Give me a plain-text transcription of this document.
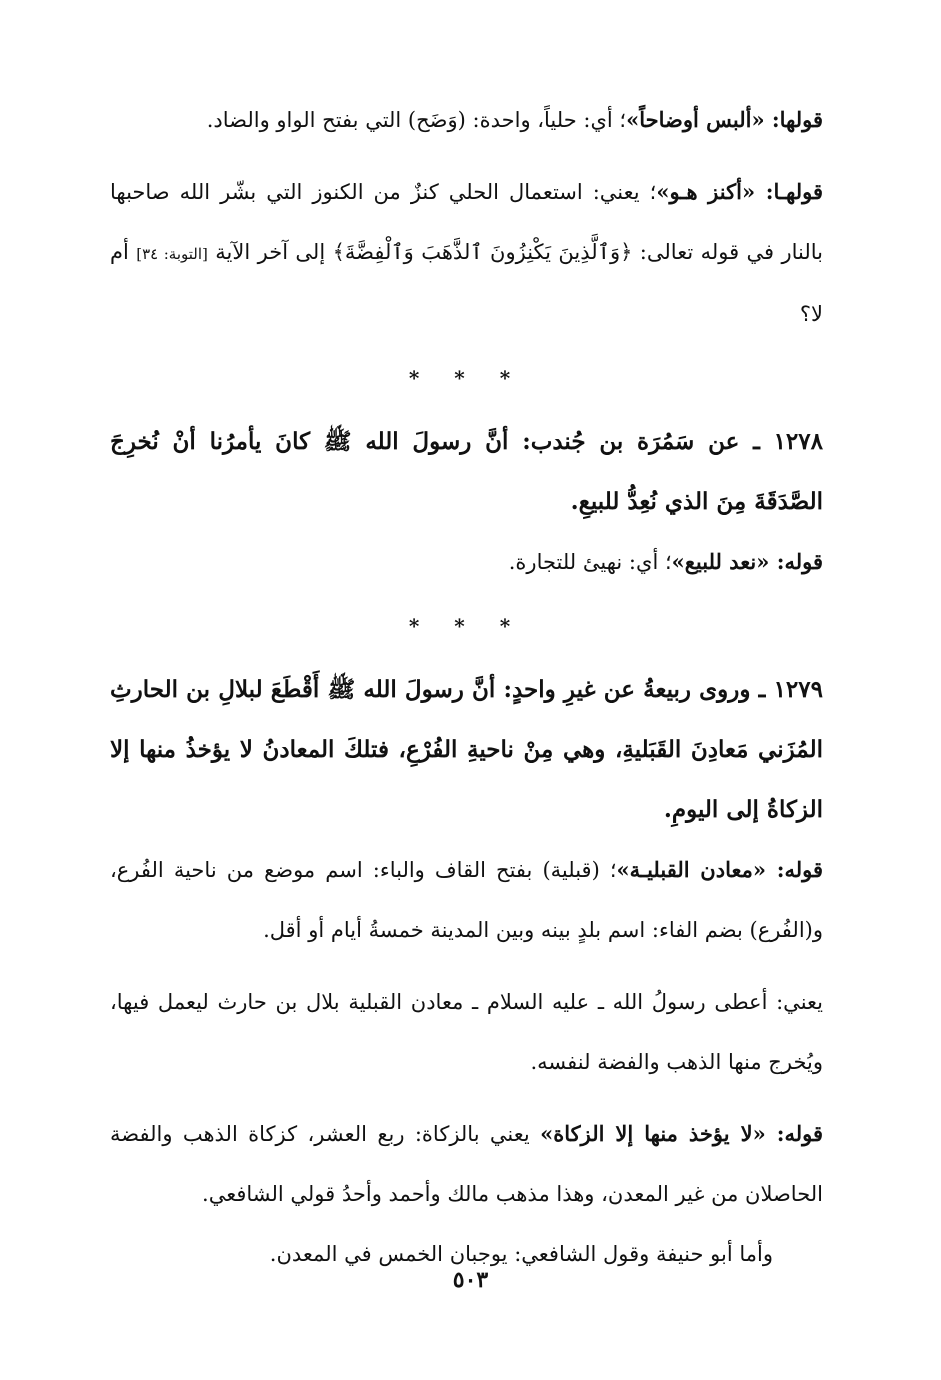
قولها: «ألبس أوضاحاً»؛ أي: حلياً، واحدة: (وَضَح) التي بفتح الواو والضاد.

قولهـا: «أكنز هـو»؛ يعني: استعمال الحلي كنزٌ من الكنوز التي بشّر الله صاحبها بالنار في قوله تعالى: ﴿وَٱلَّذِينَ يَكْنِزُونَ ٱلذَّهَبَ وَٱلْفِضَّةَ﴾ إلى آخر الآية [التوبة: ٣٤] أم لا؟

* * *

١٢٧٨ ـ عن سَمُرَة بن جُندب: أنَّ رسولَ الله ﷺ كانَ يأمرُنا أنْ نُخرِجَ الصَّدَقَةَ مِنَ الذي نُعِدُّ للبيعِ.

قوله: «نعد للبيع»؛ أي: نهيئ للتجارة.

* * *

١٢٧٩ ـ وروى ربيعةُ عن غيرِ واحدٍ: أنَّ رسولَ الله ﷺ أَقْطَعَ لبلالِ بن الحارثِ المُزَني مَعادِنَ القَبَليةِ، وهي مِنْ ناحيةِ الفُرْعِ، فتلكَ المعادنُ لا يؤخذُ منها إلا الزكاةُ إلى اليومِ.

قوله: «معادن القبليـة»؛ (قبلية) بفتح القاف والباء: اسم موضع من ناحية الفُرع، و(الفُرع) بضم الفاء: اسم بلدٍ بينه وبين المدينة خمسةُ أيام أو أقل.

يعني: أعطى رسولُ الله ـ عليه السلام ـ معادن القبلية بلال بن حارث ليعمل فيها، ويُخرج منها الذهب والفضة لنفسه.

قوله: «لا يؤخذ منها إلا الزكاة» يعني بالزكاة: ربع العشر، كزكاة الذهب والفضة الحاصلان من غير المعدن، وهذا مذهب مالك وأحمد وأحدُ قولي الشافعي.

وأما أبو حنيفة وقول الشافعي: يوجبان الخمس في المعدن.

٥٠٣
